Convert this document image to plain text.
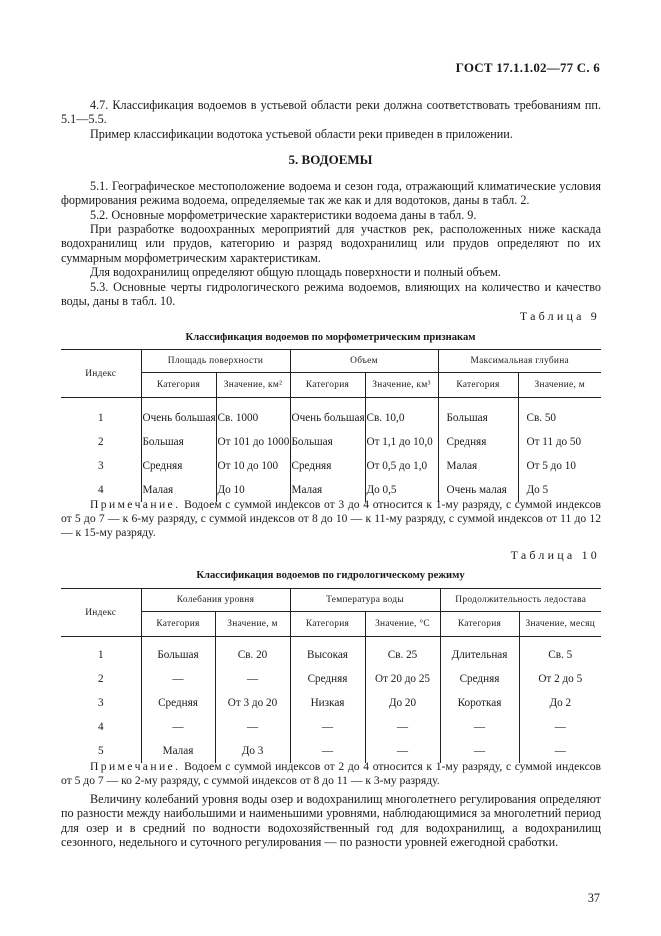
ГОСТ 17.1.1.02—77 С. 6
4.7. Классификация водоемов в устьевой области реки должна соответствовать требованиям пп. 5.1—5.5.
Пример классификации водотока устьевой области реки приведен в приложении.
5. ВОДОЕМЫ
5.1. Географическое местоположение водоема и сезон года, отражающий климатические условия формирования режима водоема, определяемые так же как и для водотоков, даны в табл. 2.
5.2. Основные морфометрические характеристики водоема даны в табл. 9.
При разработке водоохранных мероприятий для участков рек, расположенных ниже каскада водохранилищ или прудов, категорию и разряд водохранилищ или прудов определяют по их суммарным морфометрическим характеристикам.
Для водохранилищ определяют общую площадь поверхности и полный объем.
5.3. Основные черты гидрологического режима водоемов, влияющих на количество и качество воды, даны в табл. 10.
Таблица 9
Классификация водоемов по морфометрическим признакам
Индекс	Площадь поверхности		Объем		Максимальная глубина	
	Категория	Значение, км²	Категория	Значение, км³	Категория	Значение, м

1	Очень большая	Св. 1000	Очень большая	Св. 10,0	Большая	Св. 50
2	Большая	От 101 до 1000	Большая	От 1,1 до 10,0	Средняя	От 11 до 50
3	Средняя	От 10 до 100	Средняя	От 0,5 до 1,0	Малая	От 5 до 10
4	Малая	До 10	Малая	До 0,5	Очень малая	До 5
Примечание. Водоем с суммой индексов от 3 до 4 относится к 1-му разряду, с суммой индексов от 5 до 7 — к 6-му разряду, с суммой индексов от 8 до 10 — к 11-му разряду, с суммой индексов от 11 до 12 — к 15-му разряду.
Таблица 10
Классификация водоемов по гидрологическому режиму
Индекс	Колебания уровня		Температура воды		Продолжительность ледостава	
	Категория	Значение, м	Категория	Значение, °С	Категория	Значение, месяц

1	Большая	Св. 20	Высокая	Св. 25	Длительная	Св. 5
2	—	—	Средняя	От 20 до 25	Средняя	От 2 до 5
3	Средняя	От 3 до 20	Низкая	До 20	Короткая	До 2
4	—	—	—	—	—	—
5	Малая	До 3	—	—	—	—
Примечание. Водоем с суммой индексов от 2 до 4 относится к 1-му разряду, с суммой индексов от 5 до 7 — ко 2-му разряду, с суммой индексов от 8 до 11 — к 3-му разряду.
Величину колебаний уровня воды озер и водохранилищ многолетнего регулирования определяют по разности между наибольшими и наименьшими уровнями, наблюдающимися за многолетний период для озер и в средний по водности водохозяйственный год для водохранилищ, а водохранилищ сезонного, недельного и суточного регулирования — по разности уровней ежегодной сработки.
37
